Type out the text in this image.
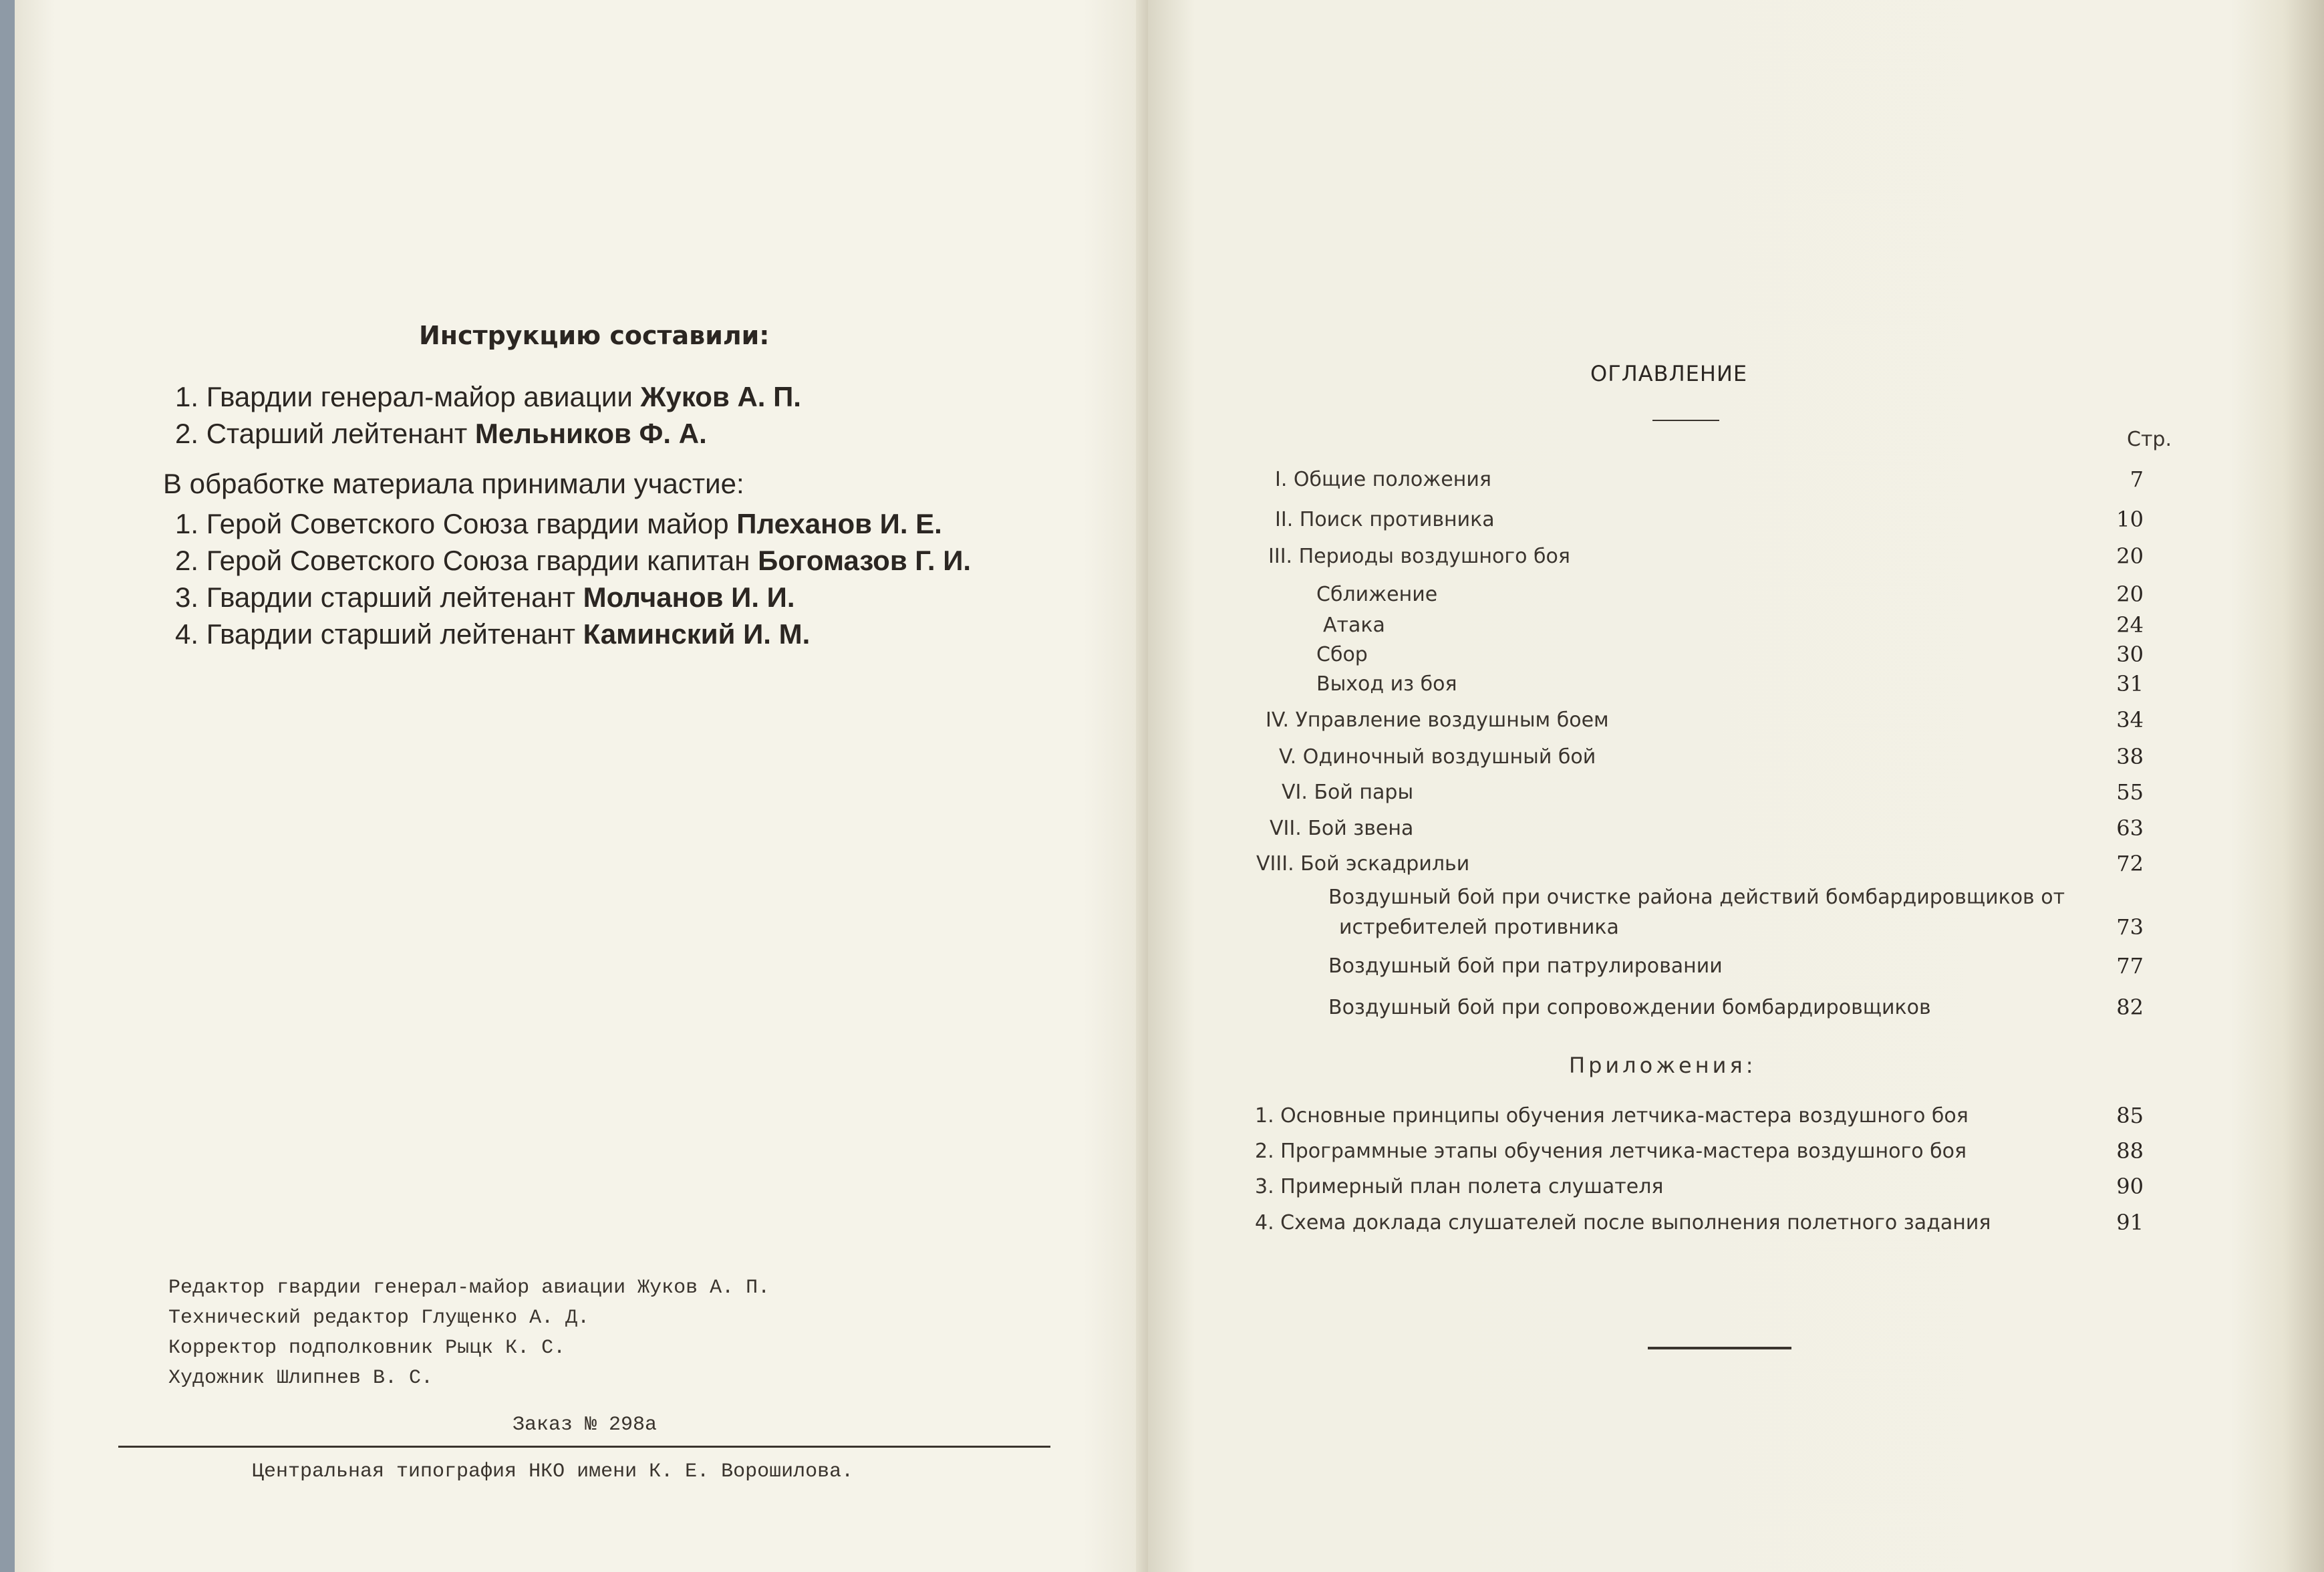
Инструкцию составили:
1. Гвардии генерал-майор авиации Жуков А. П.
2. Старший лейтенант Мельников Ф. А.
В обработке материала принимали участие:
1. Герой Советского Союза гвардии майор Плеханов И. Е.
2. Герой Советского Союза гвардии капитан Богомазов Г. И.
3. Гвардии старший лейтенант Молчанов И. И.
4. Гвардии старший лейтенант Каминский И. М.
Редактор гвардии генерал-майор авиации Жуков А. П.
Технический редактор Глущенко А. Д.
Корректор подполковник Рыцк К. С.
Художник Шлипнев В. С.
Заказ № 298а
Центральная типография НКО имени К. Е. Ворошилова.
ОГЛАВЛЕНИЕ
Стр.
I. Общие положения	7
II. Поиск противника	10
III. Периоды воздушного боя	20
Сближение	20
Атака	24
Сбор	30
Выход из боя	31
IV. Управление воздушным боем	34
V. Одиночный воздушный бой	38
VI. Бой пары	55
VII. Бой звена	63
VIII. Бой эскадрильи	72
Воздушный бой при очистке района действий бомбардировщиков от
истребителей противника	73
Воздушный бой при патрулировании	77
Воздушный бой при сопровождении бомбардировщиков	82
Приложения:
1. Основные принципы обучения летчика-мастера воздушного боя	85
2. Программные этапы обучения летчика-мастера воздушного боя	88
3. Примерный план полета слушателя	90
4. Схема доклада слушателей после выполнения полетного задания	91
